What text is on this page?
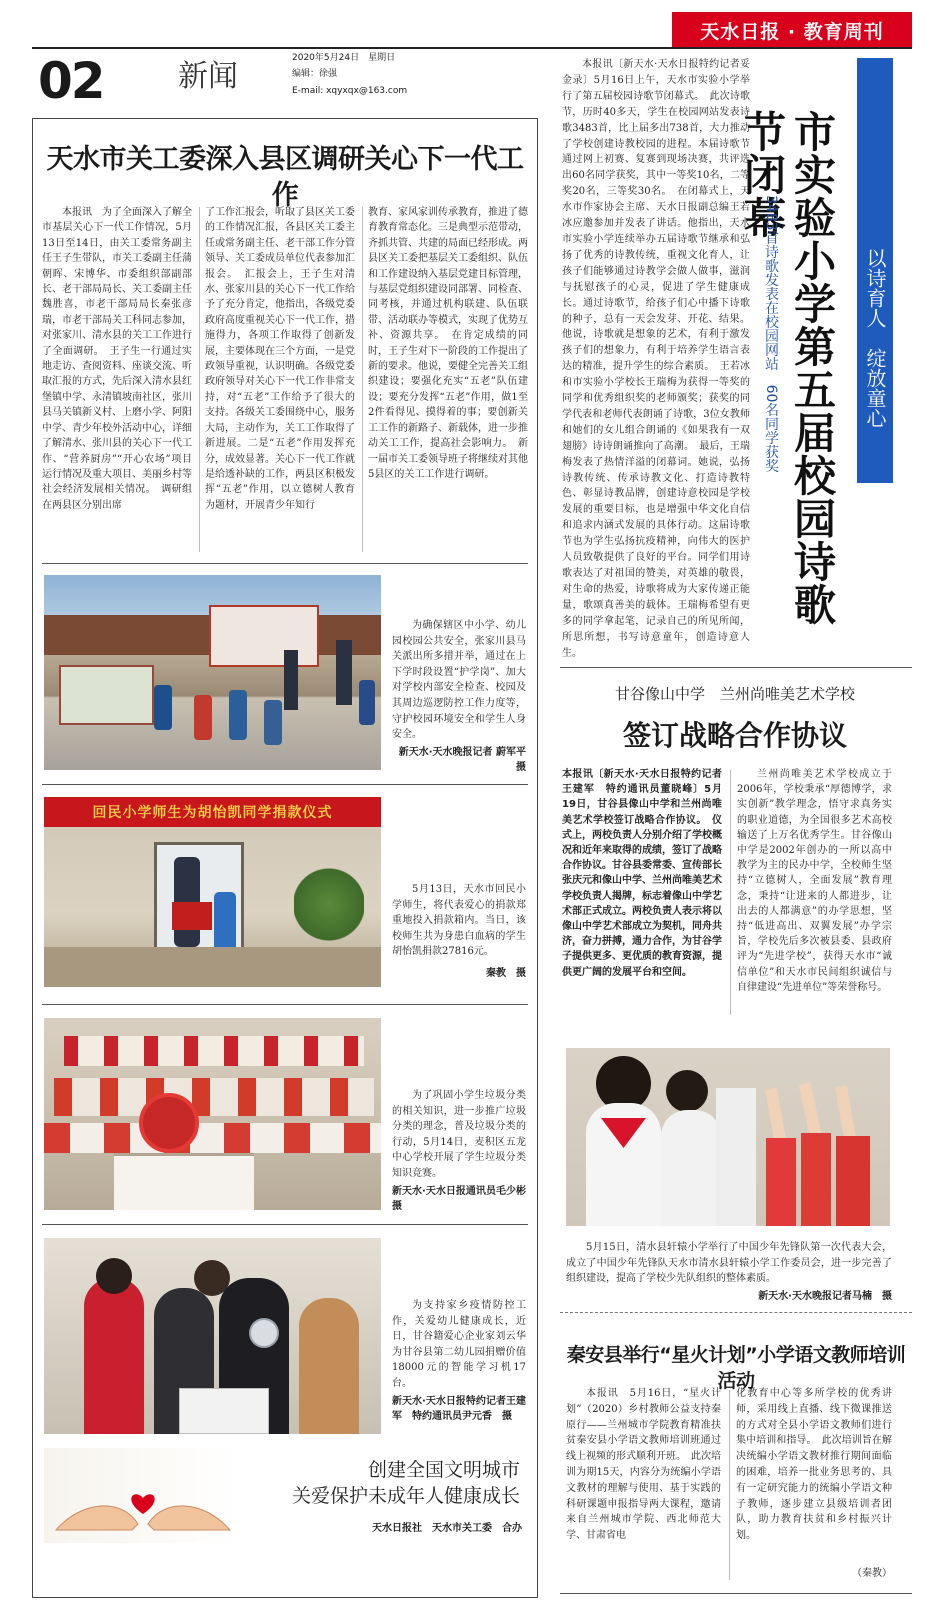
天水日报 · 教育周刊
02 新闻
2020年5月24日　星期日
编辑：徐强
E-mail: xqyxqx@163.com
天水市关工委深入县区调研关心下一代工作
本报讯　为了全面深入了解全市基层关心下一代工作情况，5月13日至14日，由关工委常务副主任王子生带队，市关工委副主任蒲朝晖、宋博华、市委组织部副部长、老干部局局长、关工委副主任魏胜喜，市老干部局局长秦张彦瑞，市老干部局关工科同志参加，对张家川、清水县的关工工作进行了全面调研。　王子生一行通过实地走访、查阅资料、座谈交流、听取汇报的方式，先后深入清水县红堡镇中学、永清镇坡南社区，张川县马关镇新义村、上磨小学、阿阳中学、青少年校外活动中心，详细了解清水、张川县的关心下一代工作、“营养厨房”“开心农场”项目运行情况及重大项目、美丽乡村等社会经济发展相关情况。　调研组在两县区分别出席
了工作汇报会，听取了县区关工委的工作情况汇报，各县区关工委主任或常务副主任、老干部工作分管领导、关工委成员单位代表参加汇报会。　汇报会上，王子生对清水、张家川县的关心下一代工作给予了充分肯定，他指出，各级党委政府高度重视关心下一代工作，措施得力，各项工作取得了创新发展，主要体现在三个方面，一是党政领导重视，认识明确。各级党委政府领导对关心下一代工作非常支持，对“五老”工作给予了很大的支持。各级关工委围绕中心，服务大局，主动作为，关工工作取得了新进展。二是“五老”作用发挥充分，成效显著。关心下一代工作就是给透补缺的工作，两县区积极发挥“五老”作用，以立德树人教育为题材，开展青少年知行
教育、家风家训传承教育，推进了德育教育常态化。三是典型示范带动，齐抓共管、共建的局面已经形成。两县区关工委把基层关工委组织、队伍和工作建设纳入基层党建目标管理，与基层党组织建设同部署、同检查、同考核，并通过机构联建、队伍联带、活动联办等模式，实现了优势互补、资源共享。　在肯定成绩的同时，王子生对下一阶段的工作提出了新的要求。他说，要健全完善关工组织建设；要强化充实“五老”队伍建设；要充分发挥“五老”作用，做1至2件看得见、摸得着的事；要创新关工工作的新路子、新载体，进一步推动关工工作，提高社会影响力。　新一届市关工委领导班子将继续对其他5县区的关工工作进行调研。
为确保辖区中小学、幼儿园校园公共安全，张家川县马关派出所多措并举，通过在上下学时段设置“护学岗”、加大对学校内部安全检查、校园及其周边巡逻防控工作力度等，守护校园环境安全和学生人身安全。
新天水·天水晚报记者 蔚军平　摄
回民小学师生为胡怡凯同学捐款仪式
5月13日，天水市回民小学师生，将代表爱心的捐款郑重地投入捐款箱内。当日，该校师生共为身患白血病的学生胡怡凯捐款27816元。
秦教　摄
为了巩固小学生垃圾分类的相关知识，进一步推广垃圾分类的理念，普及垃圾分类的行动，5月14日，麦积区五龙中心学校开展了学生垃圾分类知识竞赛。
新天水·天水日报通讯员毛少彬　摄
为支持家乡疫情防控工作，关爱幼儿健康成长，近日，甘谷籍爱心企业家刘云华为甘谷县第二幼儿园捐赠价值18000元的智能学习机17台。
新天水·天水日报特约记者王建军　特约通讯员尹元香　摄
创建全国文明城市
关爱保护未成年人健康成长
天水日报社　天水市关工委　合办
本报讯〔新天水·天水日报特约记者妥金录〕5月16日上午，天水市实验小学举行了第五届校园诗歌节闭幕式。　此次诗歌节，历时40多天，学生在校园网站发表诗歌3483首，比上届多出738首，大力推动了学校创建诗教校园的进程。本届诗歌节通过网上初赛、复赛到现场决赛，共评选出60名同学获奖，其中一等奖10名，二等奖20名，三等奖30名。　在闭幕式上，天水市作家协会主席、天水日报副总编王若冰应邀参加并发表了讲话。他指出，天水市实验小学连续举办五届诗歌节继承和弘扬了优秀的诗教传统，重视文化育人，让孩子们能够通过诗教学会做人做事，滋润与抚慰孩子的心灵，促进了学生健康成长。通过诗歌节，给孩子们心中播下诗歌的种子，总有一天会发芽、开花、结果。他说，诗歌就是想象的艺术，有利于激发孩子们的想象力，有利于培养学生语言表达的精准，提升学生的综合素质。　王若冰和市实验小学校长王瑞梅为获得一等奖的同学和优秀组织奖的老师颁奖；获奖的同学代表和老师代表朗诵了诗歌，3位女教师和她们的女儿组合朗诵的《如果我有一双翅膀》诗诗朗诵推向了高潮。　最后，王瑞梅发表了热情洋溢的闭幕词。她说，弘扬诗教传统、传承诗教文化、打造诗教特色、彰显诗教品牌，创建诗意校园是学校发展的重要目标，也是增强中华文化自信和追求内涵式发展的具体行动。这届诗歌节也为学生弘扬抗疫精神，向伟大的医护人员致敬提供了良好的平台。同学们用诗歌表达了对祖国的赞美，对英雄的敬畏，对生命的热爱，诗歌将成为大家传递正能量，歌颂真善美的载体。王瑞梅希望有更多的同学拿起笔，记录自己的所见所闻，所思所想，书写诗意童年，创造诗意人生。
市实验小学第五届校园诗歌节闭幕
3483首诗歌发表在校园网站　60名同学获奖	以诗育人　绽放童心
甘谷像山中学　兰州尚唯美艺术学校
签订战略合作协议
本报讯〔新天水·天水日报特约记者王建军　特约通讯员董晓峰〕5月19日，甘谷县像山中学和兰州尚唯美艺术学校签订战略合作协议。　仪式上，两校负责人分别介绍了学校概况和近年来取得的成绩，签订了战略合作协议。甘谷县委常委、宣传部长张庆元和像山中学、兰州尚唯美艺术学校负责人揭牌，标志着像山中学艺术部正式成立。两校负责人表示将以像山中学艺术部成立为契机，同舟共济，奋力拼搏，通力合作，为甘谷学子提供更多、更优质的教育资源，提供更广阔的发展平台和空间。
兰州尚唯美艺术学校成立于2006年，学校秉承“厚德博学，求实创新”教学理念，悟守求真务实的职业道德，为全国很多艺术高校输送了上万名优秀学生。甘谷像山中学是2002年创办的一所以高中教学为主的民办中学，全校师生坚持“立德树人，全面发展”教育理念，秉持“让进来的人都进步，让出去的人都满意”的办学思想，坚持“低进高出、双翼发展”办学宗旨，学校先后多次被县委、县政府评为“先进学校”，获得天水市“诚信单位”和天水市民间组织诚信与自律建设“先进单位”等荣誉称号。
5月15日，清水县轩辕小学举行了中国少年先锋队第一次代表大会，成立了中国少年先锋队天水市清水县轩辕小学工作委员会，进一步完善了组织建设，提高了学校少先队组织的整体素质。
新天水·天水晚报记者马楠　摄
秦安县举行“星火计划”小学语文教师培训活动
本报讯　5月16日，“星火计划”（2020）乡村教师公益支持秦原行——兰州城市学院教育精准扶贫秦安县小学语文教师培训班通过线上视频的形式顺利开班。　此次培训为期15天，内容分为统编小学语文教材的理解与使用、基于实践的科研课题申报指导两大课程，邀请来自兰州城市学院、西北师范大学、甘肃省电
化教育中心等多所学校的优秀讲师，采用线上直播、线下微课推送的方式对全县小学语文教师们进行集中培训和指导。　此次培训旨在解决统编小学语文教材推行期间面临的困难，培养一批业务思考的、具有一定研究能力的统编小学语文种子教师，逐步建立县级培训者团队，助力教育扶贫和乡村振兴计划。
（秦教）
